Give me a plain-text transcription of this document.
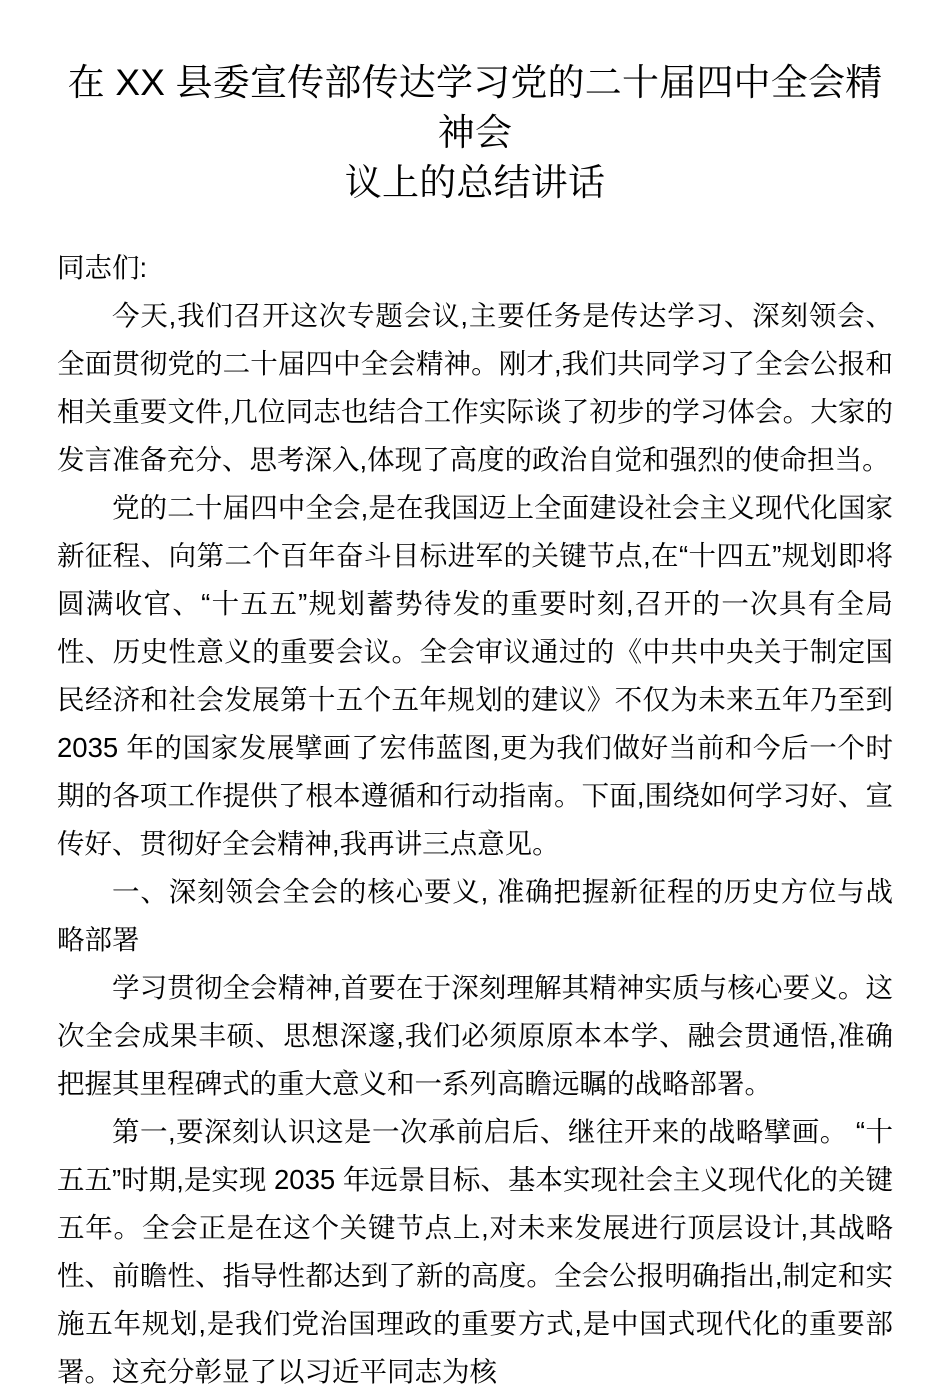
在 XX 县委宣传部传达学习党的二十届四中全会精神会
议上的总结讲话

同志们:

今天,我们召开这次专题会议,主要任务是传达学习、深刻领会、全面贯彻党的二十届四中全会精神。刚才,我们共同学习了全会公报和相关重要文件,几位同志也结合工作实际谈了初步的学习体会。大家的发言准备充分、思考深入,体现了高度的政治自觉和强烈的使命担当。

党的二十届四中全会,是在我国迈上全面建设社会主义现代化国家新征程、向第二个百年奋斗目标进军的关键节点,在“十四五”规划即将圆满收官、“十五五”规划蓄势待发的重要时刻,召开的一次具有全局性、历史性意义的重要会议。全会审议通过的《中共中央关于制定国民经济和社会发展第十五个五年规划的建议》不仅为未来五年乃至到 2035 年的国家发展擘画了宏伟蓝图,更为我们做好当前和今后一个时期的各项工作提供了根本遵循和行动指南。下面,围绕如何学习好、宣传好、贯彻好全会精神,我再讲三点意见。

一、深刻领会全会的核心要义, 准确把握新征程的历史方位与战略部署

学习贯彻全会精神,首要在于深刻理解其精神实质与核心要义。这次全会成果丰硕、思想深邃,我们必须原原本本学、融会贯通悟,准确把握其里程碑式的重大意义和一系列高瞻远瞩的战略部署。

第一,要深刻认识这是一次承前启后、继往开来的战略擘画。 “十五五”时期,是实现 2035 年远景目标、基本实现社会主义现代化的关键五年。全会正是在这个关键节点上,对未来发展进行顶层设计,其战略性、前瞻性、指导性都达到了新的高度。全会公报明确指出,制定和实施五年规划,是我们党治国理政的重要方式,是中国式现代化的重要部署。这充分彰显了以习近平同志为核
